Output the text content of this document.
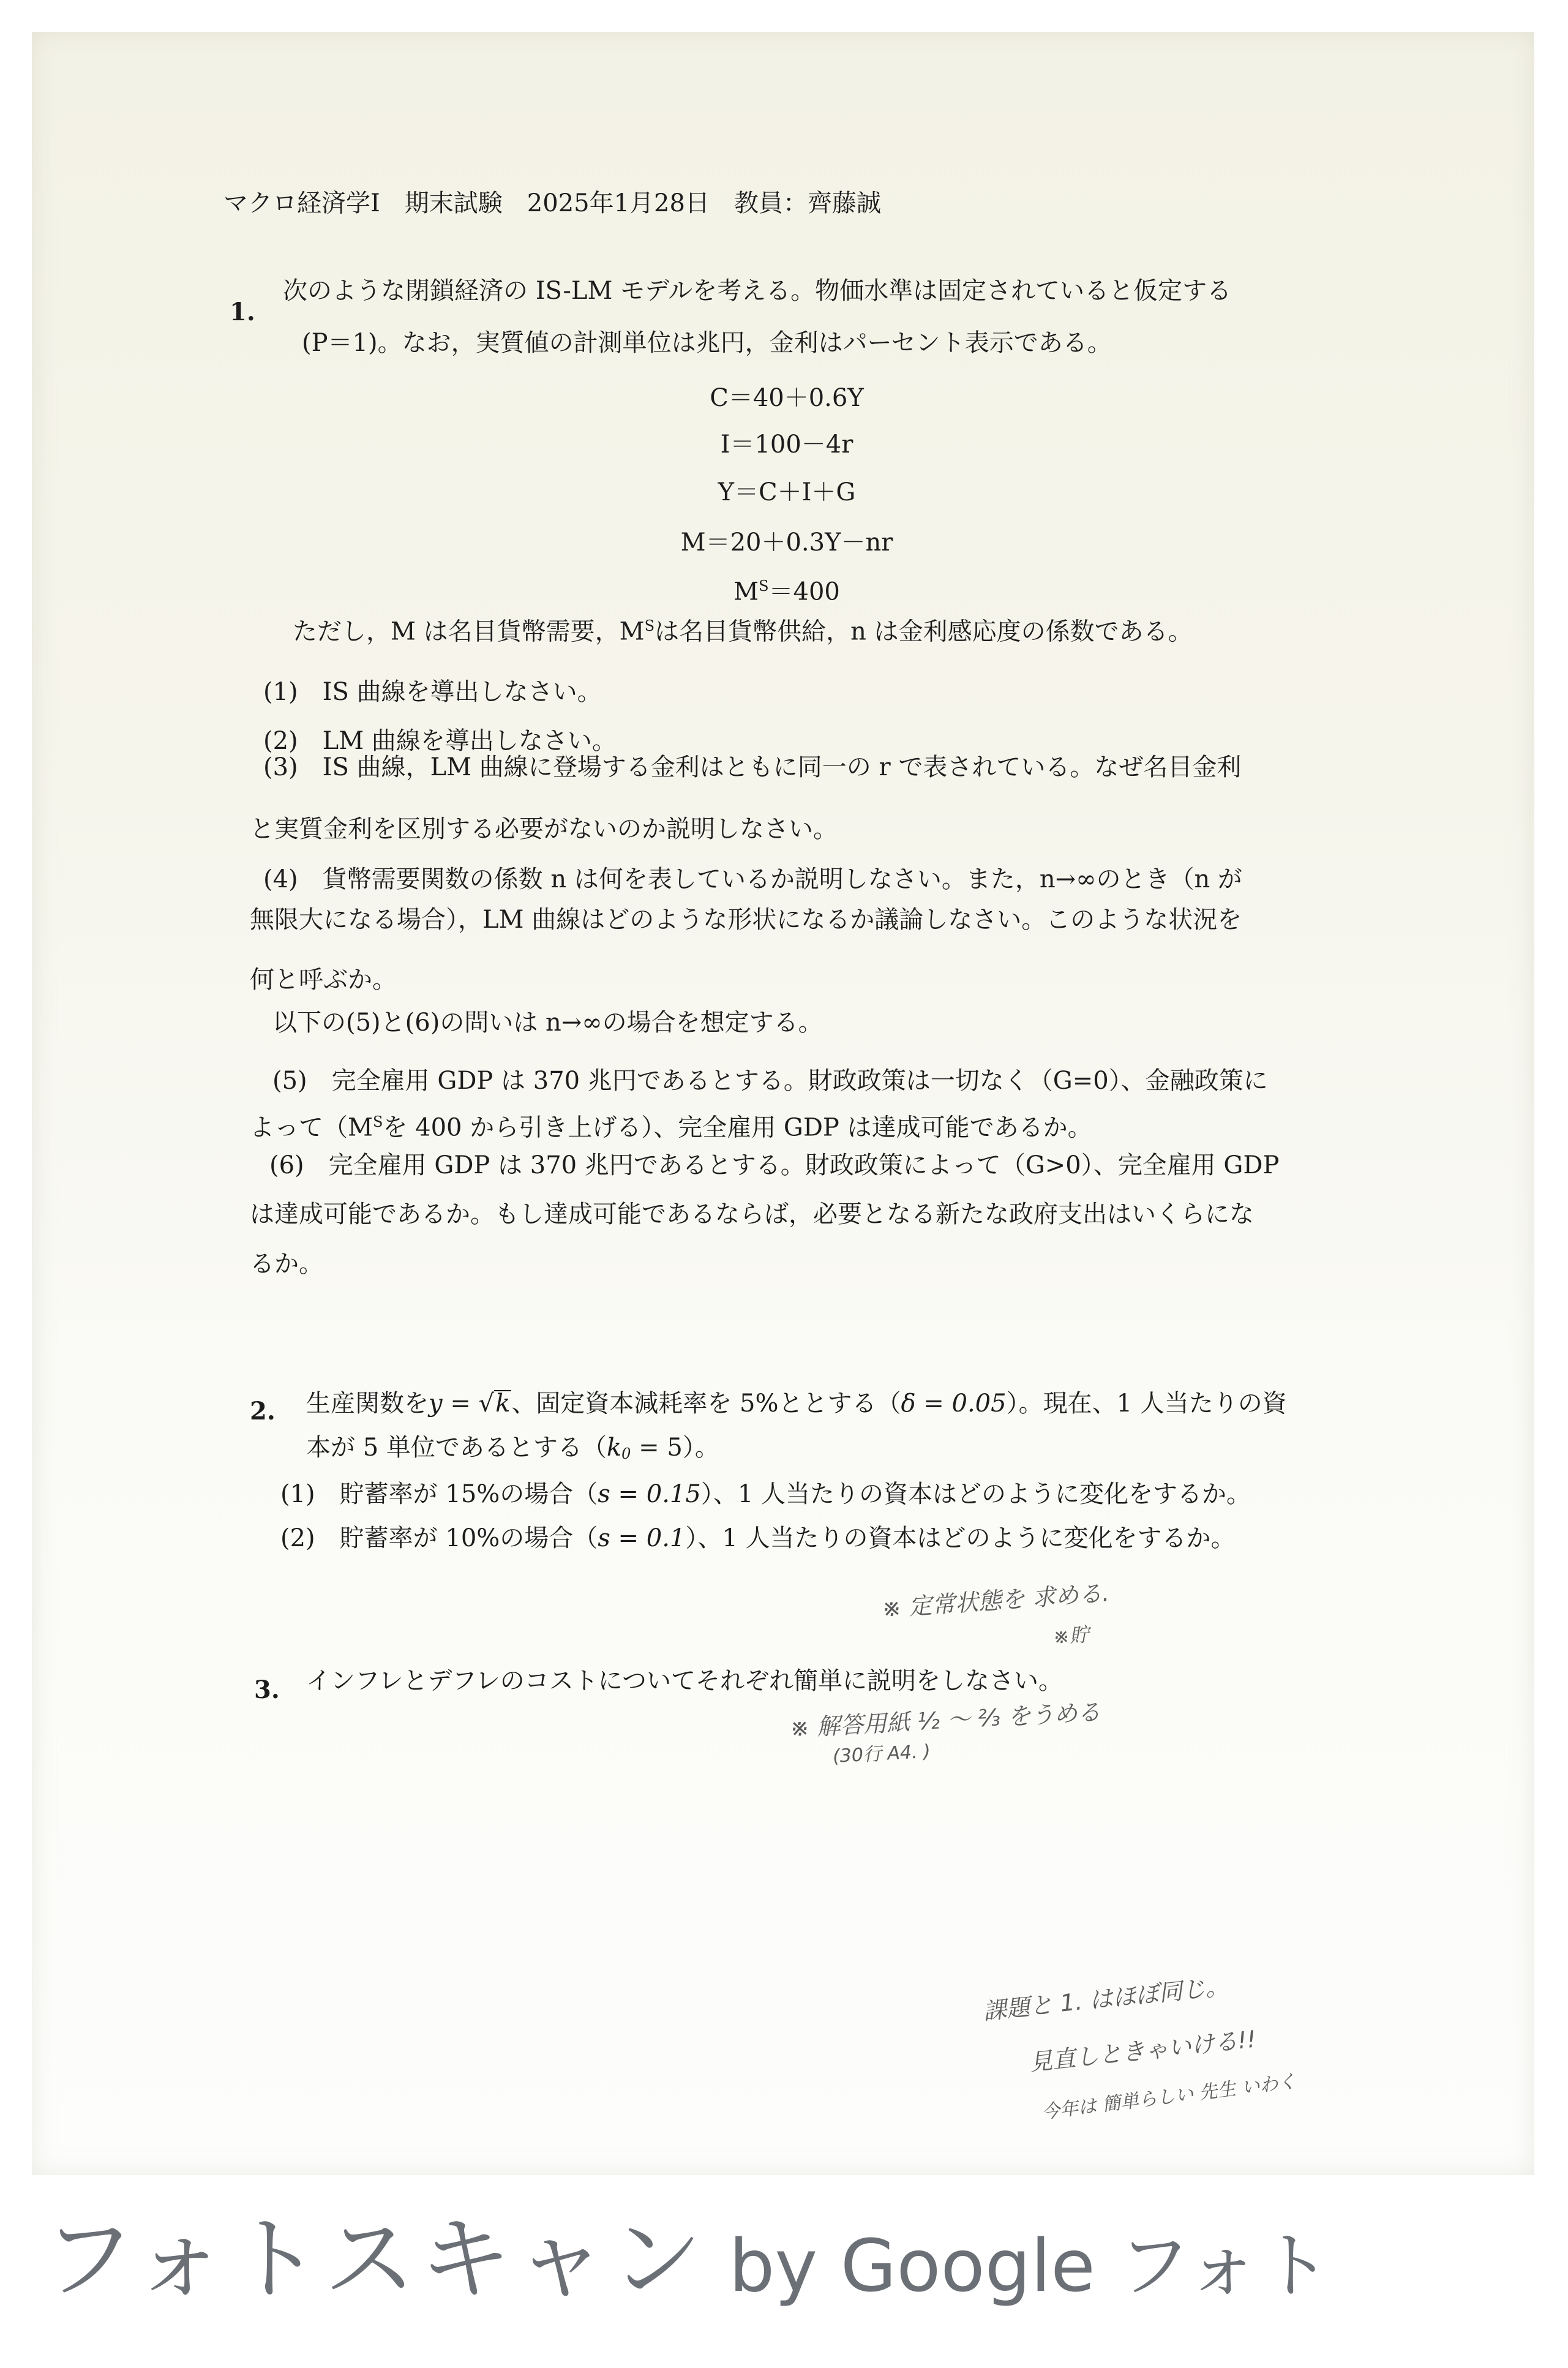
マクロ経済学Ⅰ　期末試験　2025年1月28日　教員：齊藤誠
1.
次のような閉鎖経済の IS-LM モデルを考える。物価水準は固定されていると仮定する
(P＝1)。なお，実質値の計測単位は兆円，金利はパーセント表示である。
C＝40＋0.6Y
I＝100－4r
Y＝C＋I＋G
M＝20＋0.3Y－nr
$M^S=400$
ただし，M は名目貨幣需要，$M^S$は名目貨幣供給，n は金利感応度の係数である。
(1)　IS 曲線を導出しなさい。
(2)　LM 曲線を導出しなさい。
(3)　IS 曲線，LM 曲線に登場する金利はともに同一の r で表されている。なぜ名目金利
と実質金利を区別する必要がないのか説明しなさい。
(4)　貨幣需要関数の係数 n は何を表しているか説明しなさい。また，n→∞のとき（n が
無限大になる場合），LM 曲線はどのような形状になるか議論しなさい。このような状況を
何と呼ぶか。
以下の(5)と(6)の問いは n→∞の場合を想定する。
(5)　完全雇用 GDP は 370 兆円であるとする。財政政策は一切なく（G=0）、金融政策に
よって（$M^S$を 400 から引き上げる）、完全雇用 GDP は達成可能であるか。
(6)　完全雇用 GDP は 370 兆円であるとする。財政政策によって（G>0）、完全雇用 GDP
は達成可能であるか。もし達成可能であるならば，必要となる新たな政府支出はいくらにな
るか。
2. 生産関数をy = √k、固定資本減耗率を 5%ととする（δ = 0.05）。現在、1 人当たりの資
本が 5 単位であるとする$(k_0 = 5)$。
(1)　貯蓄率が 15%の場合（s = 0.15）、1 人当たりの資本はどのように変化をするか。
(2)　貯蓄率が 10%の場合（s = 0.1）、1 人当たりの資本はどのように変化をするか。
※ 定常状態を 求める.
※貯
3. インフレとデフレのコストについてそれぞれ簡単に説明をしなさい。
※ 解答用紙 ½ ～ ⅔ をうめる
(30行 A4. )
課題と 1. はほぼ同じ。
見直しときゃいける!!
今年は 簡単らしい 先生 いわく
フォトスキャン by Google フォト
